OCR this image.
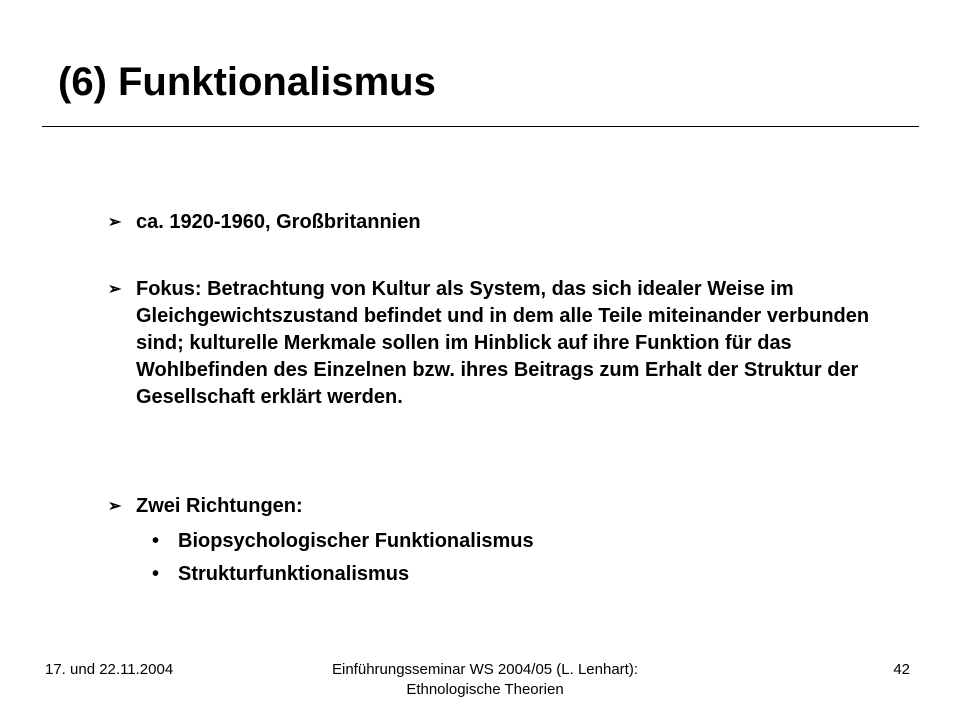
(6) Funktionalismus
➢ ca. 1920-1960, Großbritannien
➢ Fokus: Betrachtung von Kultur als System, das sich idealer Weise im Gleichgewichtszustand befindet und in dem alle Teile miteinander verbunden sind; kulturelle Merkmale sollen im Hinblick auf ihre Funktion für das Wohlbefinden des Einzelnen bzw. ihres Beitrags zum Erhalt der Struktur der Gesellschaft erklärt werden.
➢ Zwei Richtungen:
• Biopsychologischer Funktionalismus
• Strukturfunktionalismus
17. und 22.11.2004	Einführungsseminar WS 2004/05 (L. Lenhart):
Ethnologische Theorien
42
